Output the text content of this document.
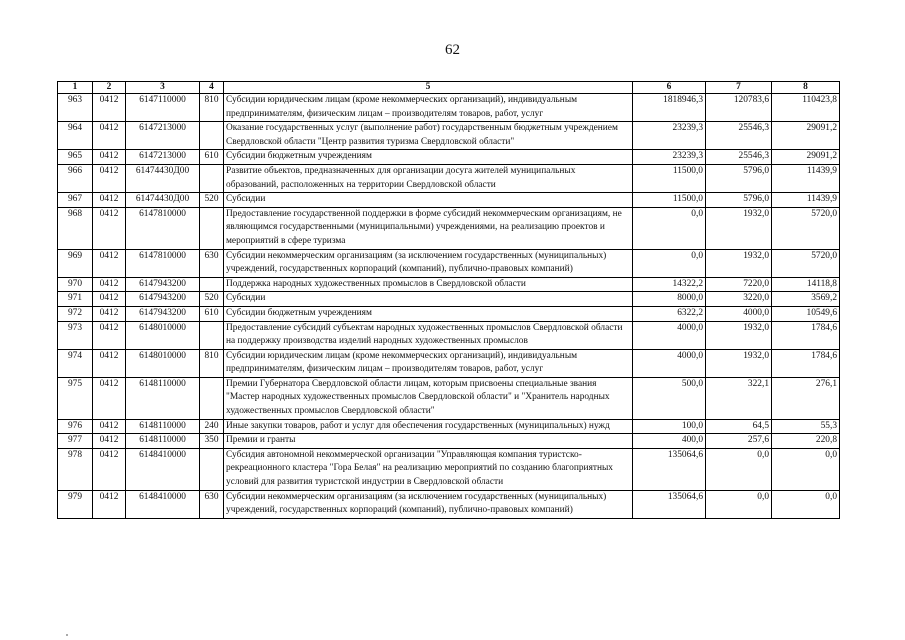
62
1	2	3	4	5	6	7	8
963	0412	6147110000	810	Субсидии юридическим лицам (кроме некоммерческих организаций), индивидуальным предпринимателям, физическим лицам – производителям товаров, работ, услуг	1818946,3	120783,6	110423,8
964	0412	6147213000		Оказание государственных услуг (выполнение работ) государственным бюджетным учреждением Свердловской области "Центр развития туризма Свердловской области"	23239,3	25546,3	29091,2
965	0412	6147213000	610	Субсидии бюджетным учреждениям	23239,3	25546,3	29091,2
966	0412	61474430Д00		Развитие объектов, предназначенных для организации досуга жителей муниципальных образований, расположенных на территории Свердловской области	11500,0	5796,0	11439,9
967	0412	61474430Д00	520	Субсидии	11500,0	5796,0	11439,9
968	0412	6147810000		Предоставление государственной поддержки в форме субсидий некоммерческим организациям, не являющимся государственными (муниципальными) учреждениями, на реализацию проектов и мероприятий в сфере туризма	0,0	1932,0	5720,0
969	0412	6147810000	630	Субсидии некоммерческим организациям (за исключением государственных (муниципальных) учреждений, государственных корпораций (компаний), публично-правовых компаний)	0,0	1932,0	5720,0
970	0412	6147943200		Поддержка народных художественных промыслов в Свердловской области	14322,2	7220,0	14118,8
971	0412	6147943200	520	Субсидии	8000,0	3220,0	3569,2
972	0412	6147943200	610	Субсидии бюджетным учреждениям	6322,2	4000,0	10549,6
973	0412	6148010000		Предоставление субсидий субъектам народных художественных промыслов Свердловской области на поддержку производства изделий народных художественных промыслов	4000,0	1932,0	1784,6
974	0412	6148010000	810	Субсидии юридическим лицам (кроме некоммерческих организаций), индивидуальным предпринимателям, физическим лицам – производителям товаров, работ, услуг	4000,0	1932,0	1784,6
975	0412	6148110000		Премии Губернатора Свердловской области лицам, которым присвоены специальные звания "Мастер народных художественных промыслов Свердловской области" и "Хранитель народных художественных промыслов Свердловской области"	500,0	322,1	276,1
976	0412	6148110000	240	Иные закупки товаров, работ и услуг для обеспечения государственных (муниципальных) нужд	100,0	64,5	55,3
977	0412	6148110000	350	Премии и гранты	400,0	257,6	220,8
978	0412	6148410000		Субсидия автономной некоммерческой организации "Управляющая компания туристско-рекреационного кластера "Гора Белая" на реализацию мероприятий по созданию благоприятных условий для развития туристской индустрии в Свердловской области	135064,6	0,0	0,0
979	0412	6148410000	630	Субсидии некоммерческим организациям (за исключением государственных (муниципальных) учреждений, государственных корпораций (компаний), публично-правовых компаний)	135064,6	0,0	0,0
